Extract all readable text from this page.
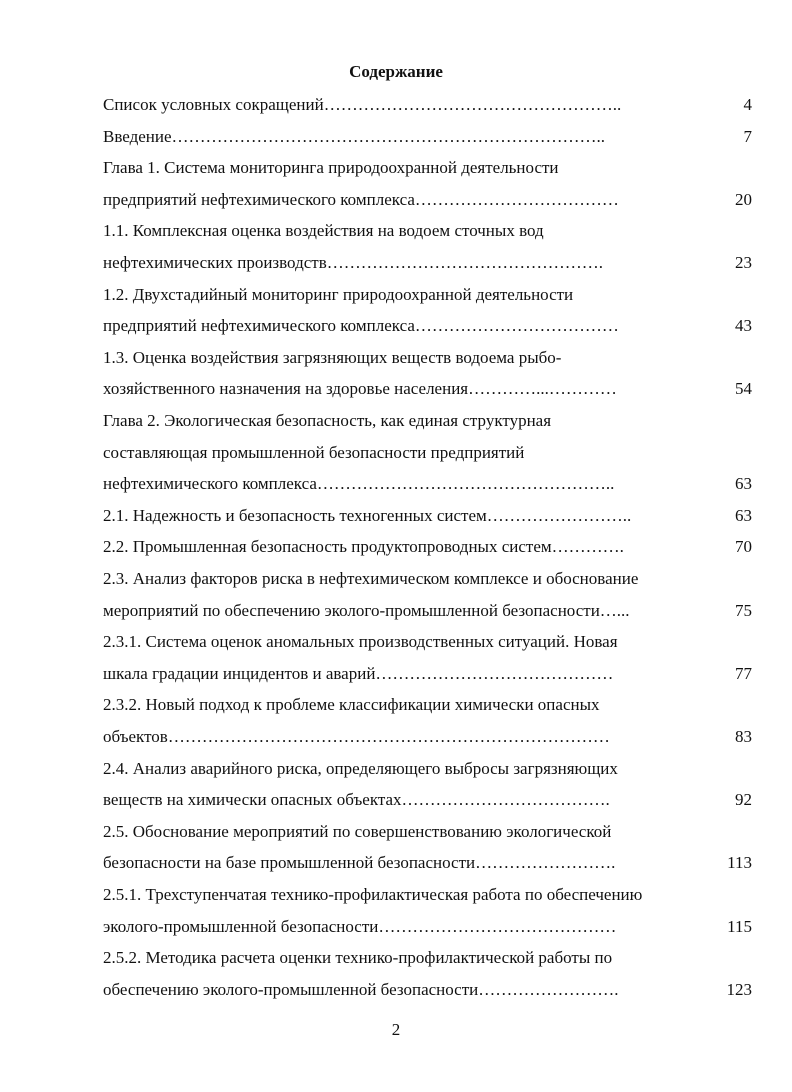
Содержание
Список условных сокращений……………………………………………..	4
Введение…………………………………………………………………..	7
Глава 1. Система мониторинга природоохранной деятельности
предприятий нефтехимического комплекса………………………………	20
1.1. Комплексная оценка воздействия на водоем сточных вод
нефтехимических производств………………………………………….	23
1.2. Двухстадийный мониторинг природоохранной деятельности
предприятий нефтехимического комплекса………………………………	43
1.3. Оценка воздействия загрязняющих веществ водоема рыбо-
хозяйственного назначения на здоровье населения…………...…………	54
Глава 2. Экологическая безопасность, как единая структурная
составляющая промышленной безопасности предприятий
нефтехимического комплекса……………………………………………..	63
2.1. Надежность и безопасность техногенных систем……………………..	63
2.2. Промышленная безопасность продуктопроводных систем………….	70
2.3. Анализ факторов риска в нефтехимическом комплексе и обоснование
мероприятий по обеспечению эколого-промышленной безопасности…...	75
2.3.1. Система оценок аномальных производственных ситуаций. Новая
шкала градации инцидентов и аварий……………………………………	77
2.3.2. Новый подход к проблеме классификации химически опасных
объектов……………………………………………………………………	83
2.4. Анализ аварийного риска, определяющего выбросы загрязняющих
веществ на химически опасных объектах……………………………….	92
2.5. Обоснование мероприятий по совершенствованию экологической
безопасности на базе промышленной безопасности…………………….	113
2.5.1. Трехступенчатая технико-профилактическая работа по обеспечению
эколого-промышленной безопасности……………………………………	115
2.5.2. Методика расчета оценки технико-профилактической работы по
обеспечению эколого-промышленной безопасности…………………….	123
2
